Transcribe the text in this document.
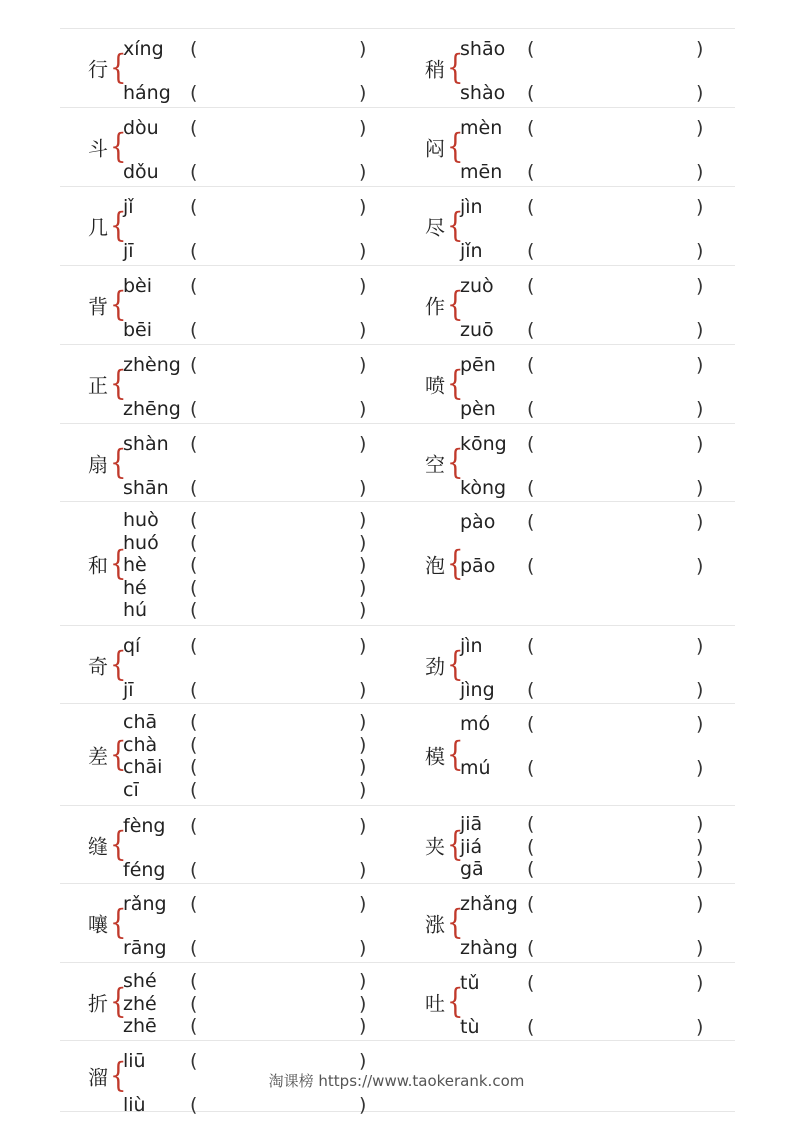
行 {
xíng (	)
háng (	)
稍 {
shāo (	)
shào (	)
斗 {
dòu (	)
dǒu (	)
闷 {
mèn (	)
mēn (	)
几 {
jǐ	(	)
jī	(	)
尽 {
jìn (	)
jǐn (	)
背 {
bèi (	)
bēi (	)
作 {
zuò (	)
zuō (	)
正 {
zhèng (	)
zhēng (	)
喷 {
pēn (	)
pèn (	)
扇 {
shàn (	)
shān (	)
空 {
kōng (	)
kòng (	)
和 {
huò (	)
huó (	)
hè (	)
hé (	)
hú (	)
泡 {
pào (	)
pāo (	)
奇 {
qí	(	)
jī	(	)
劲 {
jìn (	)
jìng (	)
差 {
chā (	)
chà (	)
chāi (	)
cī	(	)
模 {
mó (	)
mú (	)
缝 {
fèng (	)
féng (	)
夹 {
jiā (	)
jiá (	)
gā (	)
嚷 {
rǎng (	)
rāng (	)
涨 {
zhǎng (	)
zhàng (	)
折 {
shé (	)
zhé (	)
zhē (	)
吐 {
tǔ	(	)
tù	(	)
溜 {
liū (	)
liù (	)
淘课榜 https://www.taokerank.com
